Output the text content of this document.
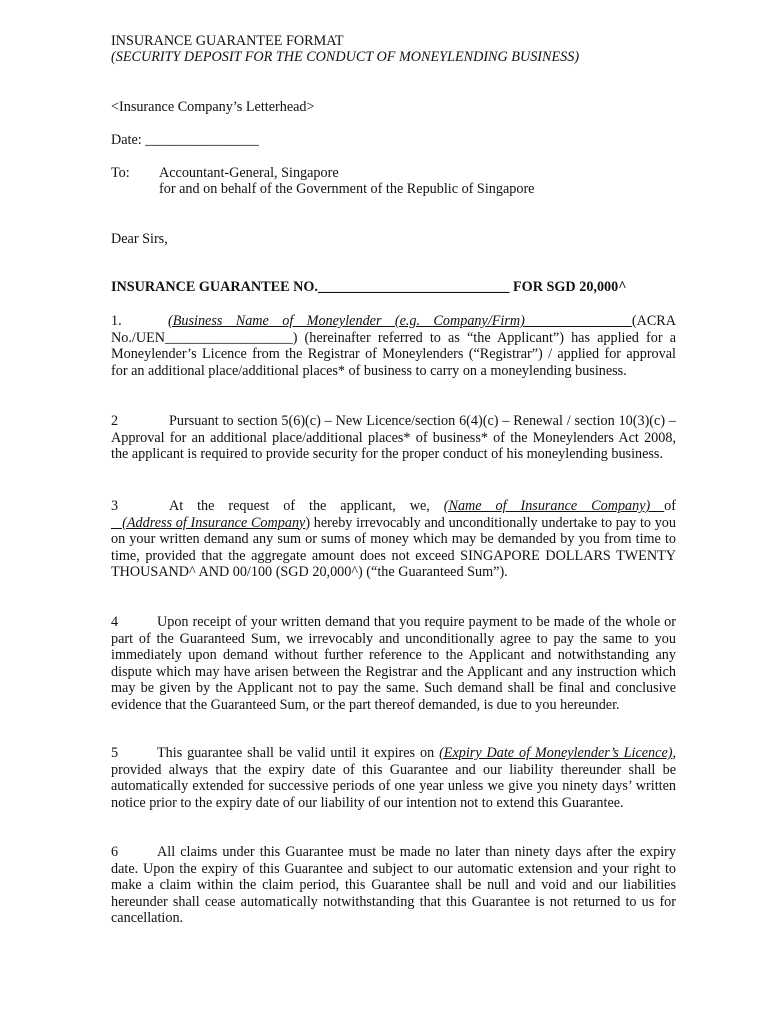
INSURANCE GUARANTEE FORMAT
(SECURITY DEPOSIT FOR THE CONDUCT OF MONEYLENDING BUSINESS)
<Insurance Company’s Letterhead>
Date: ________________
To: Accountant-General, Singapore
for and on behalf of the Government of the Republic of Singapore
Dear Sirs,
INSURANCE GUARANTEE NO.___________________________ FOR SGD 20,000^
1.	(Business Name of Moneylender (e.g. Company/Firm)	(ACRA No./UEN__________________) (hereinafter referred to as “the Applicant”) has applied for a Moneylender’s Licence from the Registrar of Moneylenders (“Registrar”) / applied for approval for an additional place/additional places* of business to carry on a moneylending business.
2	Pursuant to section 5(6)(c) – New Licence/section 6(4)(c) – Renewal / section 10(3)(c) – Approval for an additional place/additional places* of business* of the Moneylenders Act 2008, the applicant is required to provide security for the proper conduct of his moneylending business.
3	At the request of the applicant, we, (Name of Insurance Company) of    (Address of Insurance Company) hereby irrevocably and unconditionally undertake to pay to you on your written demand any sum or sums of money which may be demanded by you from time to time, provided that the aggregate amount does not exceed SINGAPORE DOLLARS TWENTY THOUSAND^ AND 00/100 (SGD 20,000^) (“the Guaranteed Sum”).
4	Upon receipt of your written demand that you require payment to be made of the whole or part of the Guaranteed Sum, we irrevocably and unconditionally agree to pay the same to you immediately upon demand without further reference to the Applicant and notwithstanding any dispute which may have arisen between the Registrar and the Applicant and any instruction which may be given by the Applicant not to pay the same. Such demand shall be final and conclusive evidence that the Guaranteed Sum, or the part thereof demanded, is due to you hereunder.
5	This guarantee shall be valid until it expires on (Expiry Date of Moneylender’s Licence), provided always that the expiry date of this Guarantee and our liability thereunder shall be automatically extended for successive periods of one year unless we give you ninety days’ written notice prior to the expiry date of our liability of our intention not to extend this Guarantee.
6	All claims under this Guarantee must be made no later than ninety days after the expiry date. Upon the expiry of this Guarantee and subject to our automatic extension and your right to make a claim within the claim period, this Guarantee shall be null and void and our liabilities hereunder shall cease automatically notwithstanding that this Guarantee is not returned to us for cancellation.
